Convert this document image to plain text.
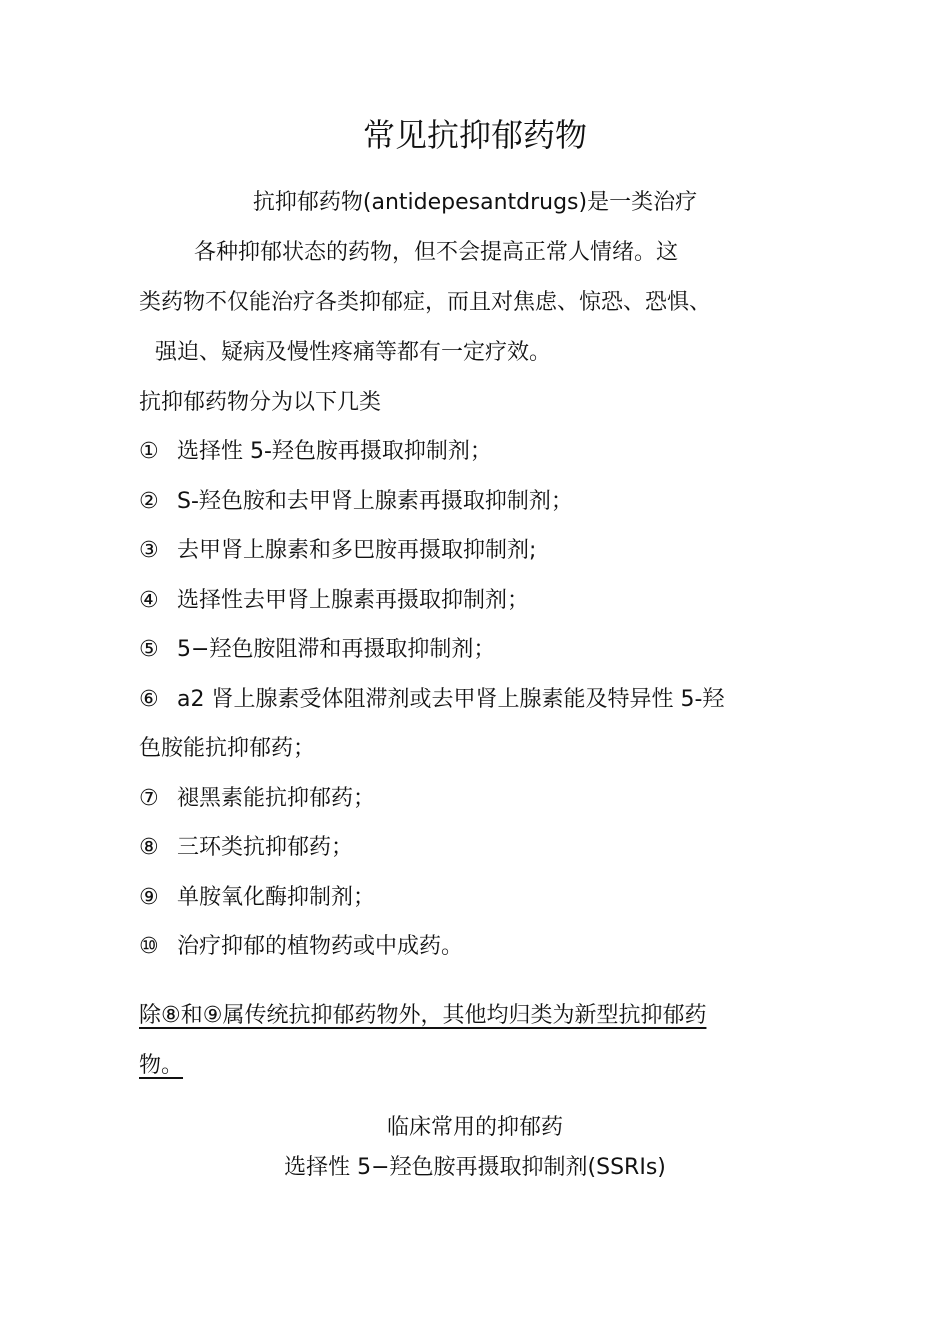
常见抗抑郁药物
抗抑郁药物(antidepesantdrugs)是一类治疗
各种抑郁状态的药物，但不会提高正常人情绪。这
类药物不仅能治疗各类抑郁症，而且对焦虑、惊恐、恐惧、
强迫、疑病及慢性疼痛等都有一定疗效。
抗抑郁药物分为以下几类
① 选择性 5-羟色胺再摄取抑制剂；
② S-羟色胺和去甲肾上腺素再摄取抑制剂；
③ 去甲肾上腺素和多巴胺再摄取抑制剂;
④ 选择性去甲肾上腺素再摄取抑制剂；
⑤ 5−羟色胺阻滞和再摄取抑制剂；
⑥ a2 肾上腺素受体阻滞剂或去甲肾上腺素能及特异性 5-羟
色胺能抗抑郁药；
⑦ 褪黑素能抗抑郁药；
⑧ 三环类抗抑郁药；
⑨ 单胺氧化酶抑制剂；
⑩ 治疗抑郁的植物药或中成药。
除⑧和⑨属传统抗抑郁药物外，其他均归类为新型抗抑郁药
物。
临床常用的抑郁药
选择性 5−羟色胺再摄取抑制剂(SSRIs)
